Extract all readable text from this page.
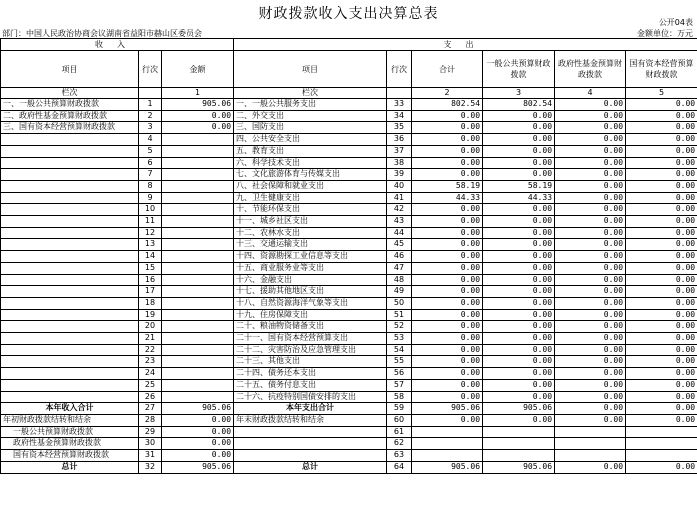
财政拨款收入支出决算总表
公开04表
部门：中国人民政治协商会议湖南省益阳市赫山区委员会	金额单位：万元
收入			支出					
项目	行次	金额	项目	行次	合计	一般公共预算财政拨款	政府性基金预算财政拨款	国有资本经营预算财政拨款
栏次		1	栏次		2	3	4	5
一、一般公共预算财政拨款	1	905.06	一、一般公共服务支出	33	802.54	802.54	0.00	0.00
二、政府性基金预算财政拨款	2	0.00	二、外交支出	34	0.00	0.00	0.00	0.00
三、国有资本经营预算财政拨款	3	0.00	三、国防支出	35	0.00	0.00	0.00	0.00
	4		四、公共安全支出	36	0.00	0.00	0.00	0.00
	5		五、教育支出	37	0.00	0.00	0.00	0.00
	6		六、科学技术支出	38	0.00	0.00	0.00	0.00
	7		七、文化旅游体育与传媒支出	39	0.00	0.00	0.00	0.00
	8		八、社会保障和就业支出	40	58.19	58.19	0.00	0.00
	9		九、卫生健康支出	41	44.33	44.33	0.00	0.00
	10		十、节能环保支出	42	0.00	0.00	0.00	0.00
	11		十一、城乡社区支出	43	0.00	0.00	0.00	0.00
	12		十二、农林水支出	44	0.00	0.00	0.00	0.00
	13		十三、交通运输支出	45	0.00	0.00	0.00	0.00
	14		十四、资源勘探工业信息等支出	46	0.00	0.00	0.00	0.00
	15		十五、商业服务业等支出	47	0.00	0.00	0.00	0.00
	16		十六、金融支出	48	0.00	0.00	0.00	0.00
	17		十七、援助其他地区支出	49	0.00	0.00	0.00	0.00
	18		十八、自然资源海洋气象等支出	50	0.00	0.00	0.00	0.00
	19		十九、住房保障支出	51	0.00	0.00	0.00	0.00
	20		二十、粮油物资储备支出	52	0.00	0.00	0.00	0.00
	21		二十一、国有资本经营预算支出	53	0.00	0.00	0.00	0.00
	22		二十二、灾害防治及应急管理支出	54	0.00	0.00	0.00	0.00
	23		二十三、其他支出	55	0.00	0.00	0.00	0.00
	24		二十四、债务还本支出	56	0.00	0.00	0.00	0.00
	25		二十五、债务付息支出	57	0.00	0.00	0.00	0.00
	26		二十六、抗疫特别国债安排的支出	58	0.00	0.00	0.00	0.00
本年收入合计	27	905.06	本年支出合计	59	905.06	905.06	0.00	0.00
年初财政拨款结转和结余	28	0.00	年末财政拨款结转和结余	60	0.00	0.00	0.00	0.00
一般公共预算财政拨款	29	0.00		61				
政府性基金预算财政拨款	30	0.00		62				
国有资本经营预算财政拨款	31	0.00		63				
总计	32	905.06	总计	64	905.06	905.06	0.00	0.00
